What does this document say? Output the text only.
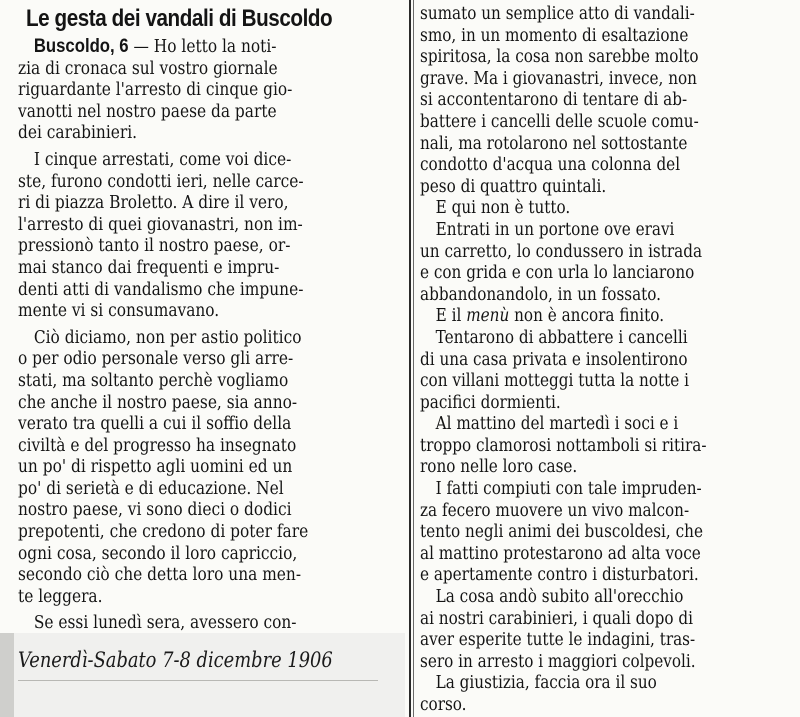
Le gesta dei vandali di Buscoldo
Buscoldo, 6 — Ho letto la noti-
zia di cronaca sul vostro giornale
riguardante l'arresto di cinque gio-
vanotti nel nostro paese da parte
dei carabinieri.
I cinque arrestati, come voi dice-
ste, furono condotti ieri, nelle carce-
ri di piazza Broletto. A dire il vero,
l'arresto di quei giovanastri, non im-
pressionò tanto il nostro paese, or-
mai stanco dai frequenti e impru-
denti atti di vandalismo che impune-
mente vi si consumavano.
Ciò diciamo, non per astio politico
o per odio personale verso gli arre-
stati, ma soltanto perchè vogliamo
che anche il nostro paese, sia anno-
verato tra quelli a cui il soffio della
civiltà e del progresso ha insegnato
un po' di rispetto agli uomini ed un
po' di serietà e di educazione. Nel
nostro paese, vi sono dieci o dodici
prepotenti, che credono di poter fare
ogni cosa, secondo il loro capriccio,
secondo ciò che detta loro una men-
te leggera.
Se essi lunedì sera, avessero con-
sumato un semplice atto di vandali-
smo, in un momento di esaltazione
spiritosa, la cosa non sarebbe molto
grave. Ma i giovanastri, invece, non
si accontentarono di tentare di ab-
battere i cancelli delle scuole comu-
nali, ma rotolarono nel sottostante
condotto d'acqua una colonna del
peso di quattro quintali.
E qui non è tutto.
Entrati in un portone ove eravi
un carretto, lo condussero in istrada
e con grida e con urla lo lanciarono
abbandonandolo, in un fossato.
E il menù non è ancora finito.
Tentarono di abbattere i cancelli
di una casa privata e insolentirono
con villani motteggi tutta la notte i
pacifici dormienti.
Al mattino del martedì i soci e i
troppo clamorosi nottamboli si ritira-
rono nelle loro case.
I fatti compiuti con tale impruden-
za fecero muovere un vivo malcon-
tento negli animi dei buscoldesi, che
al mattino protestarono ad alta voce
e apertamente contro i disturbatori.
La cosa andò subito all'orecchio
ai nostri carabinieri, i quali dopo di
aver esperite tutte le indagini, tras-
sero in arresto i maggiori colpevoli.
La giustizia, faccia ora il suo
corso.
Venerdì-Sabato 7-8 dicembre 1906
